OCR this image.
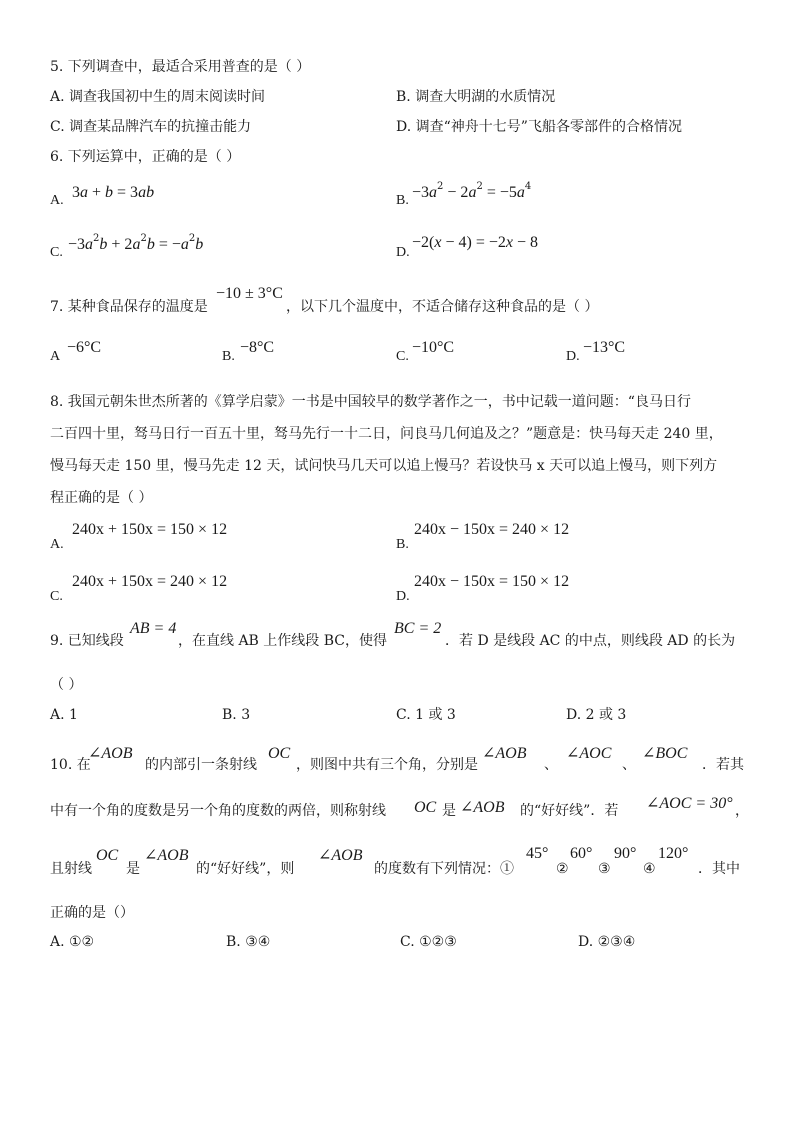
5. 下列调查中，最适合采用普查的是（ ）
A. 调查我国初中生的周末阅读时间	B. 调查大明湖的水质情况
C. 调查某品牌汽车的抗撞击能力	D. 调查“神舟十七号”飞船各零部件的合格情况
6. 下列运算中，正确的是（ ）
A. 3a + b = 3ab	B. $-3a^2 - 2a^2 = -5a^4$
C. $-3a^2b + 2a^2b = -a^2b$	D.
−2(x − 4) = −2x − 8
7. 某种食品保存的温度是
−10 ± 3°C
，以下几个温度中，不适合储存这种食品的是（ ）
A
−6°C
B.
−8°C
C.
−10°C
D.
−13°C
8. 我国元朝朱世杰所著的《算学启蒙》一书是中国较早的数学著作之一，书中记载一道问题：“良马日行
二百四十里，驽马日行一百五十里，驽马先行一十二日，问良马几何追及之？”题意是：快马每天走 240 里，
慢马每天走 150 里，慢马先走 12 天，试问快马几天可以追上慢马？若设快马 x 天可以追上慢马，则下列方
程正确的是（ ）
A.
240x + 150x = 150 × 12
B.
240x − 150x = 240 × 12
C.
240x + 150x = 240 × 12
D.
240x − 150x = 150 × 12
9. 已知线段
AB = 4
，在直线 AB 上作线段 BC，使得
BC = 2
．若 D 是线段 AC 的中点，则线段 AD 的长为
（ ）
A. 1	B. 3	C. 1 或 3	D. 2 或 3
10. 在
∠AOB
的内部引一条射线
OC
，则图中共有三个角，分别是
∠AOB
、
∠AOC
、
∠BOC
．若其
中有一个角的度数是另一个角的度数的两倍，则称射线 OC 是 ∠AOB 的“好好线”．若 ∠AOC = 30° ，
且射线
OC
是
∠AOB
的“好好线”，则
∠AOB
的度数有下列情况：①
45°
②
60°
③
90°
④
120°
．其中
正确的是（）
A. ①②	B. ③④	C. ①②③	D. ②③④
